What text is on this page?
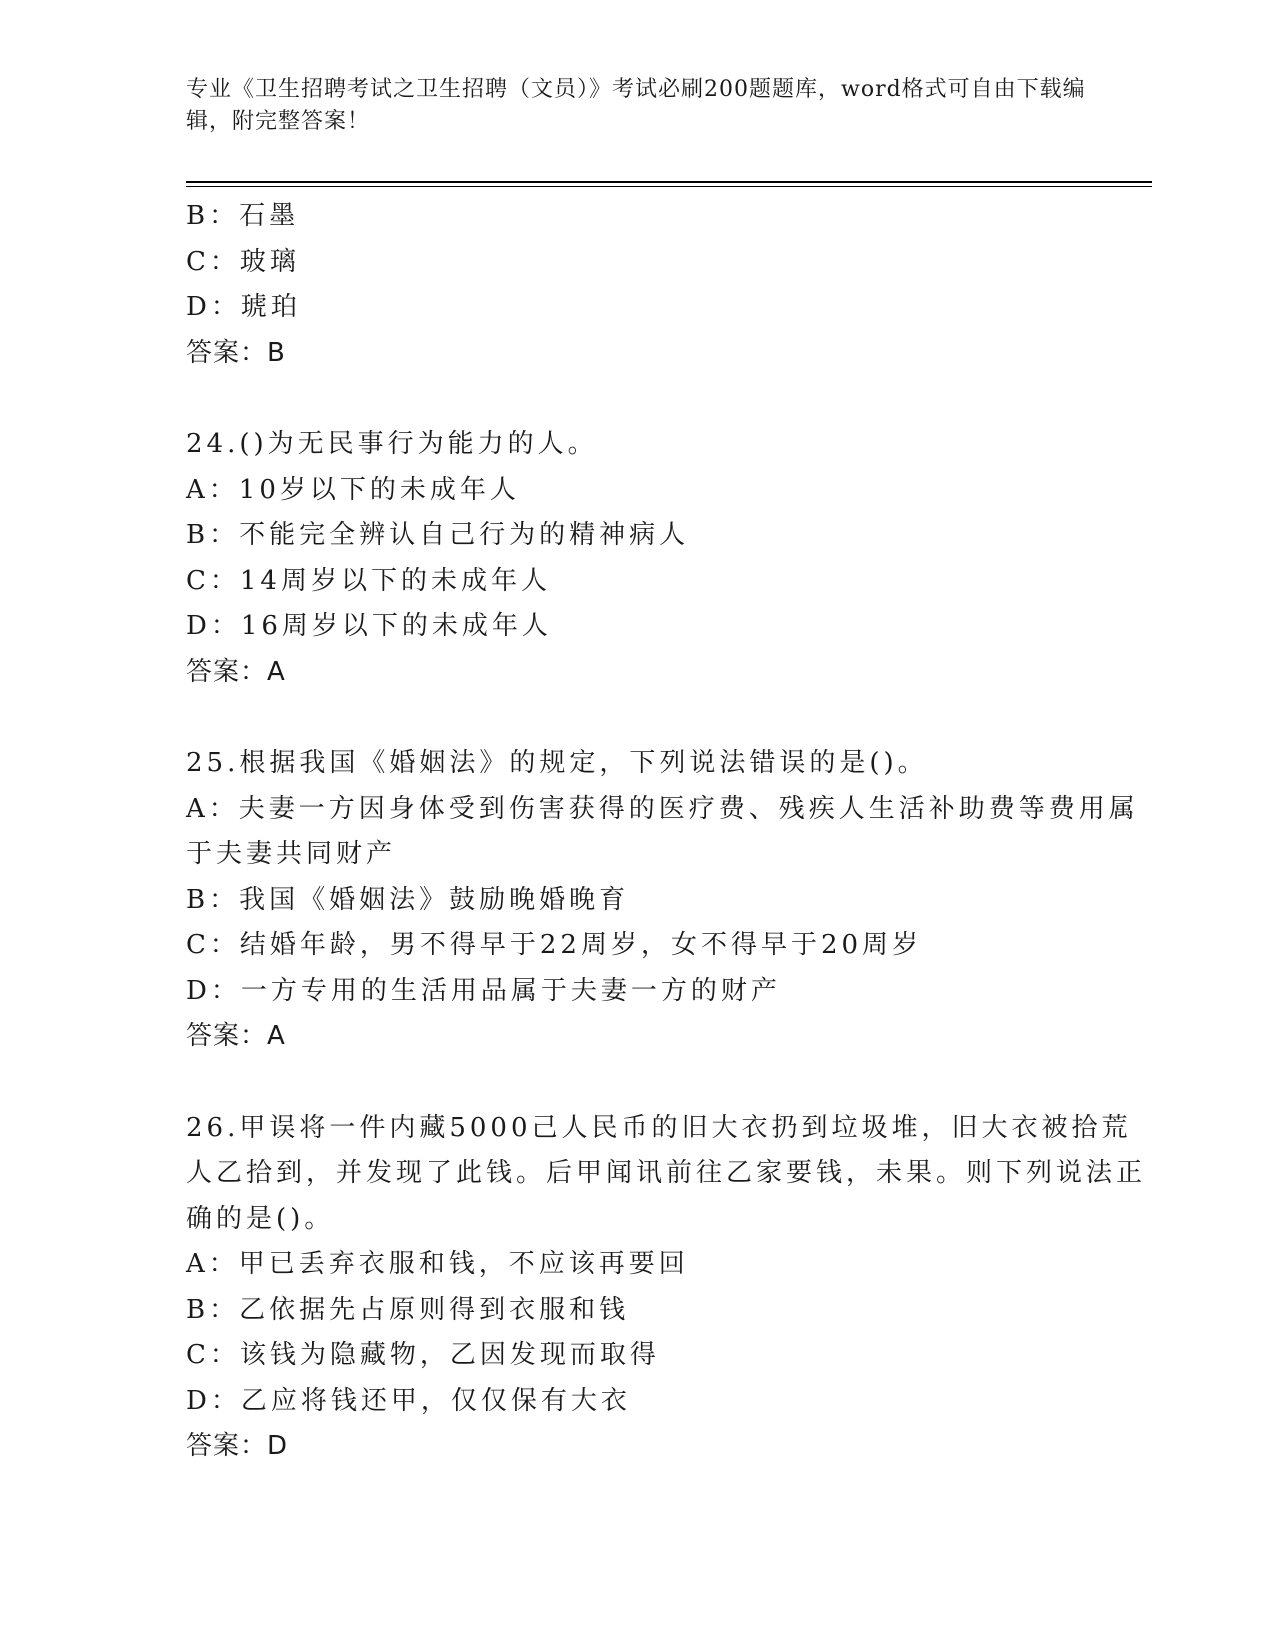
专业《卫生招聘考试之卫生招聘（文员）》考试必刷200题题库，word格式可自由下载编辑，附完整答案！
B：石墨
C：玻璃
D：琥珀
答案：B
24.()为无民事行为能力的人。
A：10岁以下的未成年人
B：不能完全辨认自己行为的精神病人
C：14周岁以下的未成年人
D：16周岁以下的未成年人
答案：A
25.根据我国《婚姻法》的规定，下列说法错误的是()。
A：夫妻一方因身体受到伤害获得的医疗费、残疾人生活补助费等费用属于夫妻共同财产
B：我国《婚姻法》鼓励晚婚晚育
C：结婚年龄，男不得早于22周岁，女不得早于20周岁
D：一方专用的生活用品属于夫妻一方的财产
答案：A
26.甲误将一件内藏5000己人民币的旧大衣扔到垃圾堆，旧大衣被拾荒人乙拾到，并发现了此钱。后甲闻讯前往乙家要钱，未果。则下列说法正确的是()。
A：甲已丢弃衣服和钱，不应该再要回
B：乙依据先占原则得到衣服和钱
C：该钱为隐藏物，乙因发现而取得
D：乙应将钱还甲，仅仅保有大衣
答案：D
